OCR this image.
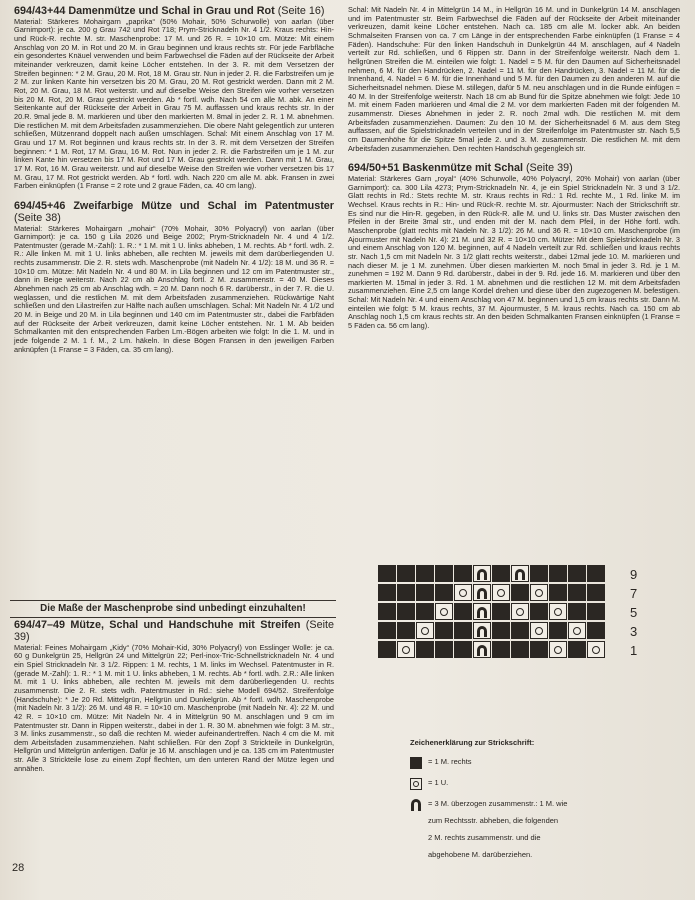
694/43+44 Damenmütze und Schal in Grau und Rot (Seite 16)

Material: Stärkeres Mohairgarn „paprika“ (50% Mohair, 50% Schurwolle) von aarlan (über Garnimport): je ca. 200 g Grau 742 und Rot 718; Prym-Stricknadeln Nr. 4 1/2. Kraus rechts: Hin- und Rück-R. rechte M. str. Maschenprobe: 17 M. und 26 R. = 10×10 cm. Mütze: Mit einem Anschlag von 20 M. in Rot und 20 M. in Grau beginnen und kraus rechts str. Für jede Farbfläche ein gesondertes Knäuel verwenden und beim Farbwechsel die Fäden auf der Rückseite der Arbeit miteinander verkreuzen, damit keine Löcher entstehen. In der 3. R. mit dem Versetzen der Streifen beginnen: * 2 M. Grau, 20 M. Rot, 18 M. Grau str. Nun in jeder 2. R. die Farbstreifen um je 2 M. zur linken Kante hin versetzen bis 20 M. Grau, 20 M. Rot gestrickt werden. Dann mit 2 M. Rot, 20 M. Grau, 18 M. Rot weiterstr. und auf dieselbe Weise den Streifen wie vorher versetzen bis 20 M. Rot, 20 M. Grau gestrickt werden. Ab * fortl. wdh. Nach 54 cm alle M. abk. An einer Seitenkante auf der Rückseite der Arbeit in Grau 75 M. auffassen und kraus rechts str. In der 20.R. 9mal jede 8. M. markieren und über den markierten M. 8mal in jeder 2. R. 1 M. abnehmen. Die restlichen M. mit dem Arbeitsfaden zusammenziehen. Die obere Naht gelegentlich zur unteren schließen, Mützenrand doppelt nach außen umschlagen. Schal: Mit einem Anschlag von 17 M. Grau und 17 M. Rot beginnen und kraus rechts str. In der 3. R. mit dem Versetzen der Streifen beginnen: * 1 M. Rot, 17 M. Grau, 16 M. Rot. Nun in jeder 2. R. die Farbstreifen um je 1 M. zur linken Kante hin versetzen bis 17 M. Rot und 17 M. Grau gestrickt werden. Dann mit 1 M. Grau, 17 M. Rot, 16 M. Grau weiterstr. und auf dieselbe Weise den Streifen wie vorher versetzen bis 17 M. Grau, 17 M. Rot gestrickt werden. Ab * fortl. wdh. Nach 220 cm alle M. abk. Fransen in zwei Farben einknüpfen (1 Franse = 2 rote und 2 graue Fäden, ca. 40 cm lang).

694/45+46 Zweifarbige Mütze und Schal im Patentmuster (Seite 38)

Material: Stärkeres Mohairgarn „mohair“ (70% Mohair, 30% Polyacryl) von aarlan (über Garnimport): je ca. 150 g Lila 2026 und Beige 2002; Prym-Stricknadeln Nr. 4 und 4 1/2. Patentmuster (gerade M.-Zahl): 1. R.: * 1 M. mit 1 U. links abheben, 1 M. rechts. Ab * fortl. wdh. 2. R.: Alle linken M. mit 1 U. links abheben, alle rechten M. jeweils mit dem darüberliegenden U. rechts zusammenstr. Die 2. R. stets wdh. Maschenprobe (mit Nadeln Nr. 4 1/2): 18 M. und 36 R. = 10×10 cm. Mütze: Mit Nadeln Nr. 4 und 80 M. in Lila beginnen und 12 cm im Patentmuster str., dann in Beige weiterstr. Nach 22 cm ab Anschlag fortl. 2 M. zusammenstr. = 40 M. Dieses Abnehmen nach 25 cm ab Anschlag wdh. = 20 M. Dann noch 6 R. darüberstr., in der 7. R. die U. weglassen, und die restlichen M. mit dem Arbeitsfaden zusammenziehen. Rückwärtige Naht schließen und den Lilastreifen zur Hälfte nach außen umschlagen. Schal: Mit Nadeln Nr. 4 1/2 und 20 M. in Beige und 20 M. in Lila beginnen und 140 cm im Patentmuster str., dabei die Farbfäden auf der Rückseite der Arbeit verkreuzen, damit keine Löcher entstehen. Nr. 1 M. Ab beiden Schmalkanten mit den entsprechenden Farben Lm.-Bögen arbeiten wie folgt: In die 1. M. und in jede folgende 2 M. 1 f. M., 2 Lm. häkeln. In diese Bögen Fransen in den jeweiligen Farben anknüpfen (1 Franse = 3 Fäden, ca. 35 cm lang).

Die Maße der Maschenprobe sind unbedingt einzuhalten!
694/47–49 Mütze, Schal und Handschuhe mit Streifen (Seite 39)

Material: Feines Mohairgarn „Kidy“ (70% Mohair-Kid, 30% Polyacryl) von Esslinger Wolle: je ca. 60 g Dunkelgrün 25, Hellgrün 24 und Mittelgrün 22; Perl-inox-Tric-Schnellstricknadeln Nr. 4 und ein Spiel Stricknadeln Nr. 3 1/2. Rippen: 1 M. rechts, 1 M. links im Wechsel. Patentmuster in R. (gerade M.-Zahl): 1. R.: * 1 M. mit 1 U. links abheben, 1 M. rechts. Ab * fortl. wdh. 2.R.: Alle linken M. mit 1 U. links abheben, alle rechten M. jeweils mit dem darüberliegenden U. rechts zusammenstr. Die 2. R. stets wdh. Patentmuster in Rd.: siehe Modell 694/52. Streifenfolge (Handschuhe): * Je 20 Rd. Mittelgrün, Hellgrün und Dunkelgrün. Ab * fortl. wdh. Maschenprobe (mit Nadeln Nr. 3 1/2): 26 M. und 48 R. = 10×10 cm. Maschenprobe (mit Nadeln Nr. 4): 22 M. und 42 R. = 10×10 cm. Mütze: Mit Nadeln Nr. 4 in Mittelgrün 90 M. anschlagen und 9 cm im Patentmuster str. Dann in Rippen weiterstr., dabei in der 1. R. 30 M. abnehmen wie folgt: 3 M. str., 3 M. links zusammenstr., so daß die rechten M. wieder aufeinandertreffen. Nach 4 cm die M. mit dem Arbeitsfaden zusammenziehen. Naht schließen. Für den Zopf 3 Strickteile in Dunkelgrün, Hellgrün und Mittelgrün anfertigen. Dafür je 16 M. anschlagen und je ca. 135 cm im Patentmuster str. Alle 3 Strickteile lose zu einem Zopf flechten, um den unteren Rand der Mütze legen und annähen.

28

Schal: Mit Nadeln Nr. 4 in Mittelgrün 14 M., in Hellgrün 16 M. und in Dunkelgrün 14 M. anschlagen und im Patentmuster str. Beim Farbwechsel die Fäden auf der Rückseite der Arbeit miteinander verkreuzen, damit keine Löcher entstehen. Nach ca. 185 cm alle M. locker abk. An beiden Schmalseiten Fransen von ca. 7 cm Länge in der entsprechenden Farbe einknüpfen (1 Franse = 4 Fäden). Handschuhe: Für den linken Handschuh in Dunkelgrün 44 M. anschlagen, auf 4 Nadeln verteilt zur Rd. schließen, und 6 Rippen str. Dann in der Streifenfolge weiterstr. Nach dem 1. hellgrünen Streifen die M. einteilen wie folgt: 1. Nadel = 5 M. für den Daumen auf Sicherheitsnadel nehmen, 6 M. für den Handrücken, 2. Nadel = 11 M. für den Handrücken, 3. Nadel = 11 M. für die Innenhand, 4. Nadel = 6 M. für die Innenhand und 5 M. für den Daumen zu den anderen M. auf die Sicherheitsnadel nehmen. Diese M. stillegen, dafür 5 M. neu anschlagen und in die Runde einfügen = 40 M. In der Streifenfolge weiterstr. Nach 18 cm ab Bund für die Spitze abnehmen wie folgt: Jede 10 M. mit einem Faden markieren und 4mal die 2 M. vor dem markierten Faden mit der folgenden M. zusammenstr. Dieses Abnehmen in jeder 2. R. noch 2mal wdh. Die restlichen M. mit dem Arbeitsfaden zusammenziehen. Daumen: Zu den 10 M. der Sicherheitsnadel 6 M. aus dem Steg auffassen, auf die Spielstricknadeln verteilen und in der Streifenfolge im Patentmuster str. Nach 5,5 cm Daumenhöhe für die Spitze 5mal jede 2. und 3. M. zusammenstr. Die restlichen M. mit dem Arbeitsfaden zusammenziehen. Den rechten Handschuh gegengleich str.

694/50+51 Baskenmütze mit Schal (Seite 39)

Material: Stärkeres Garn „royal“ (40% Schurwolle, 40% Polyacryl, 20% Mohair) von aarlan (über Garnimport): ca. 300 Lila 4273; Prym-Stricknadeln Nr. 4, je ein Spiel Stricknadeln Nr. 3 und 3 1/2. Glatt rechts in Rd.: Stets rechte M. str. Kraus rechts in Rd.: 1 Rd. rechte M., 1 Rd. linke M. im Wechsel. Kraus rechts in R.: Hin- und Rück-R. rechte M. str. Ajourmuster: Nach der Strickschrift str. Es sind nur die Hin-R. gegeben, in den Rück-R. alle M. und U. links str. Das Muster zwischen den Pfeilen in der Breite 3mal str., und enden mit der M. nach dem Pfeil, in der Höhe fortl. wdh. Maschenprobe (glatt rechts mit Nadeln Nr. 3 1/2): 26 M. und 36 R. = 10×10 cm. Maschenprobe (im Ajourmuster mit Nadeln Nr. 4): 21 M. und 32 R. = 10×10 cm. Mütze: Mit dem Spielstricknadeln Nr. 3 und einem Anschlag von 120 M. beginnen, auf 4 Nadeln verteilt zur Rd. schließen und kraus rechts str. Nach 1,5 cm mit Nadeln Nr. 3 1/2 glatt rechts weiterstr., dabei 12mal jede 10. M. markieren und nach dieser M. je 1 M. zunehmen. Über diesen markierten M. noch 5mal in jeder 3. Rd. je 1 M. zunehmen = 192 M. Dann 9 Rd. darüberstr., dabei in der 9. Rd. jede 16. M. markieren und über den markierten M. 15mal in jeder 3. Rd. 1 M. abnehmen und die restlichen 12 M. mit dem Arbeitsfaden zusammenziehen. Eine 2,5 cm lange Kordel drehen und diese über den zugezogenen M. befestigen. Schal: Mit Nadeln Nr. 4 und einem Anschlag von 47 M. beginnen und 1,5 cm kraus rechts str. Dann M. einteilen wie folgt: 5 M. kraus rechts, 37 M. Ajourmuster, 5 M. kraus rechts. Nach ca. 150 cm ab Anschlag noch 1,5 cm kraus rechts str. An den beiden Schmalkanten Fransen einknüpfen (1 Franse = 5 Fäden ca. 56 cm lang).

9
7
5
3
1
Zeichenerklärung zur Strickschrift:
= 1 M. rechts
= 1 U.
= 3 M. überzogen zusammenstr.: 1 M. wie
zum Rechtsstr. abheben, die folgenden
2 M. rechts zusammenstr. und die
abgehobene M. darüberziehen.
